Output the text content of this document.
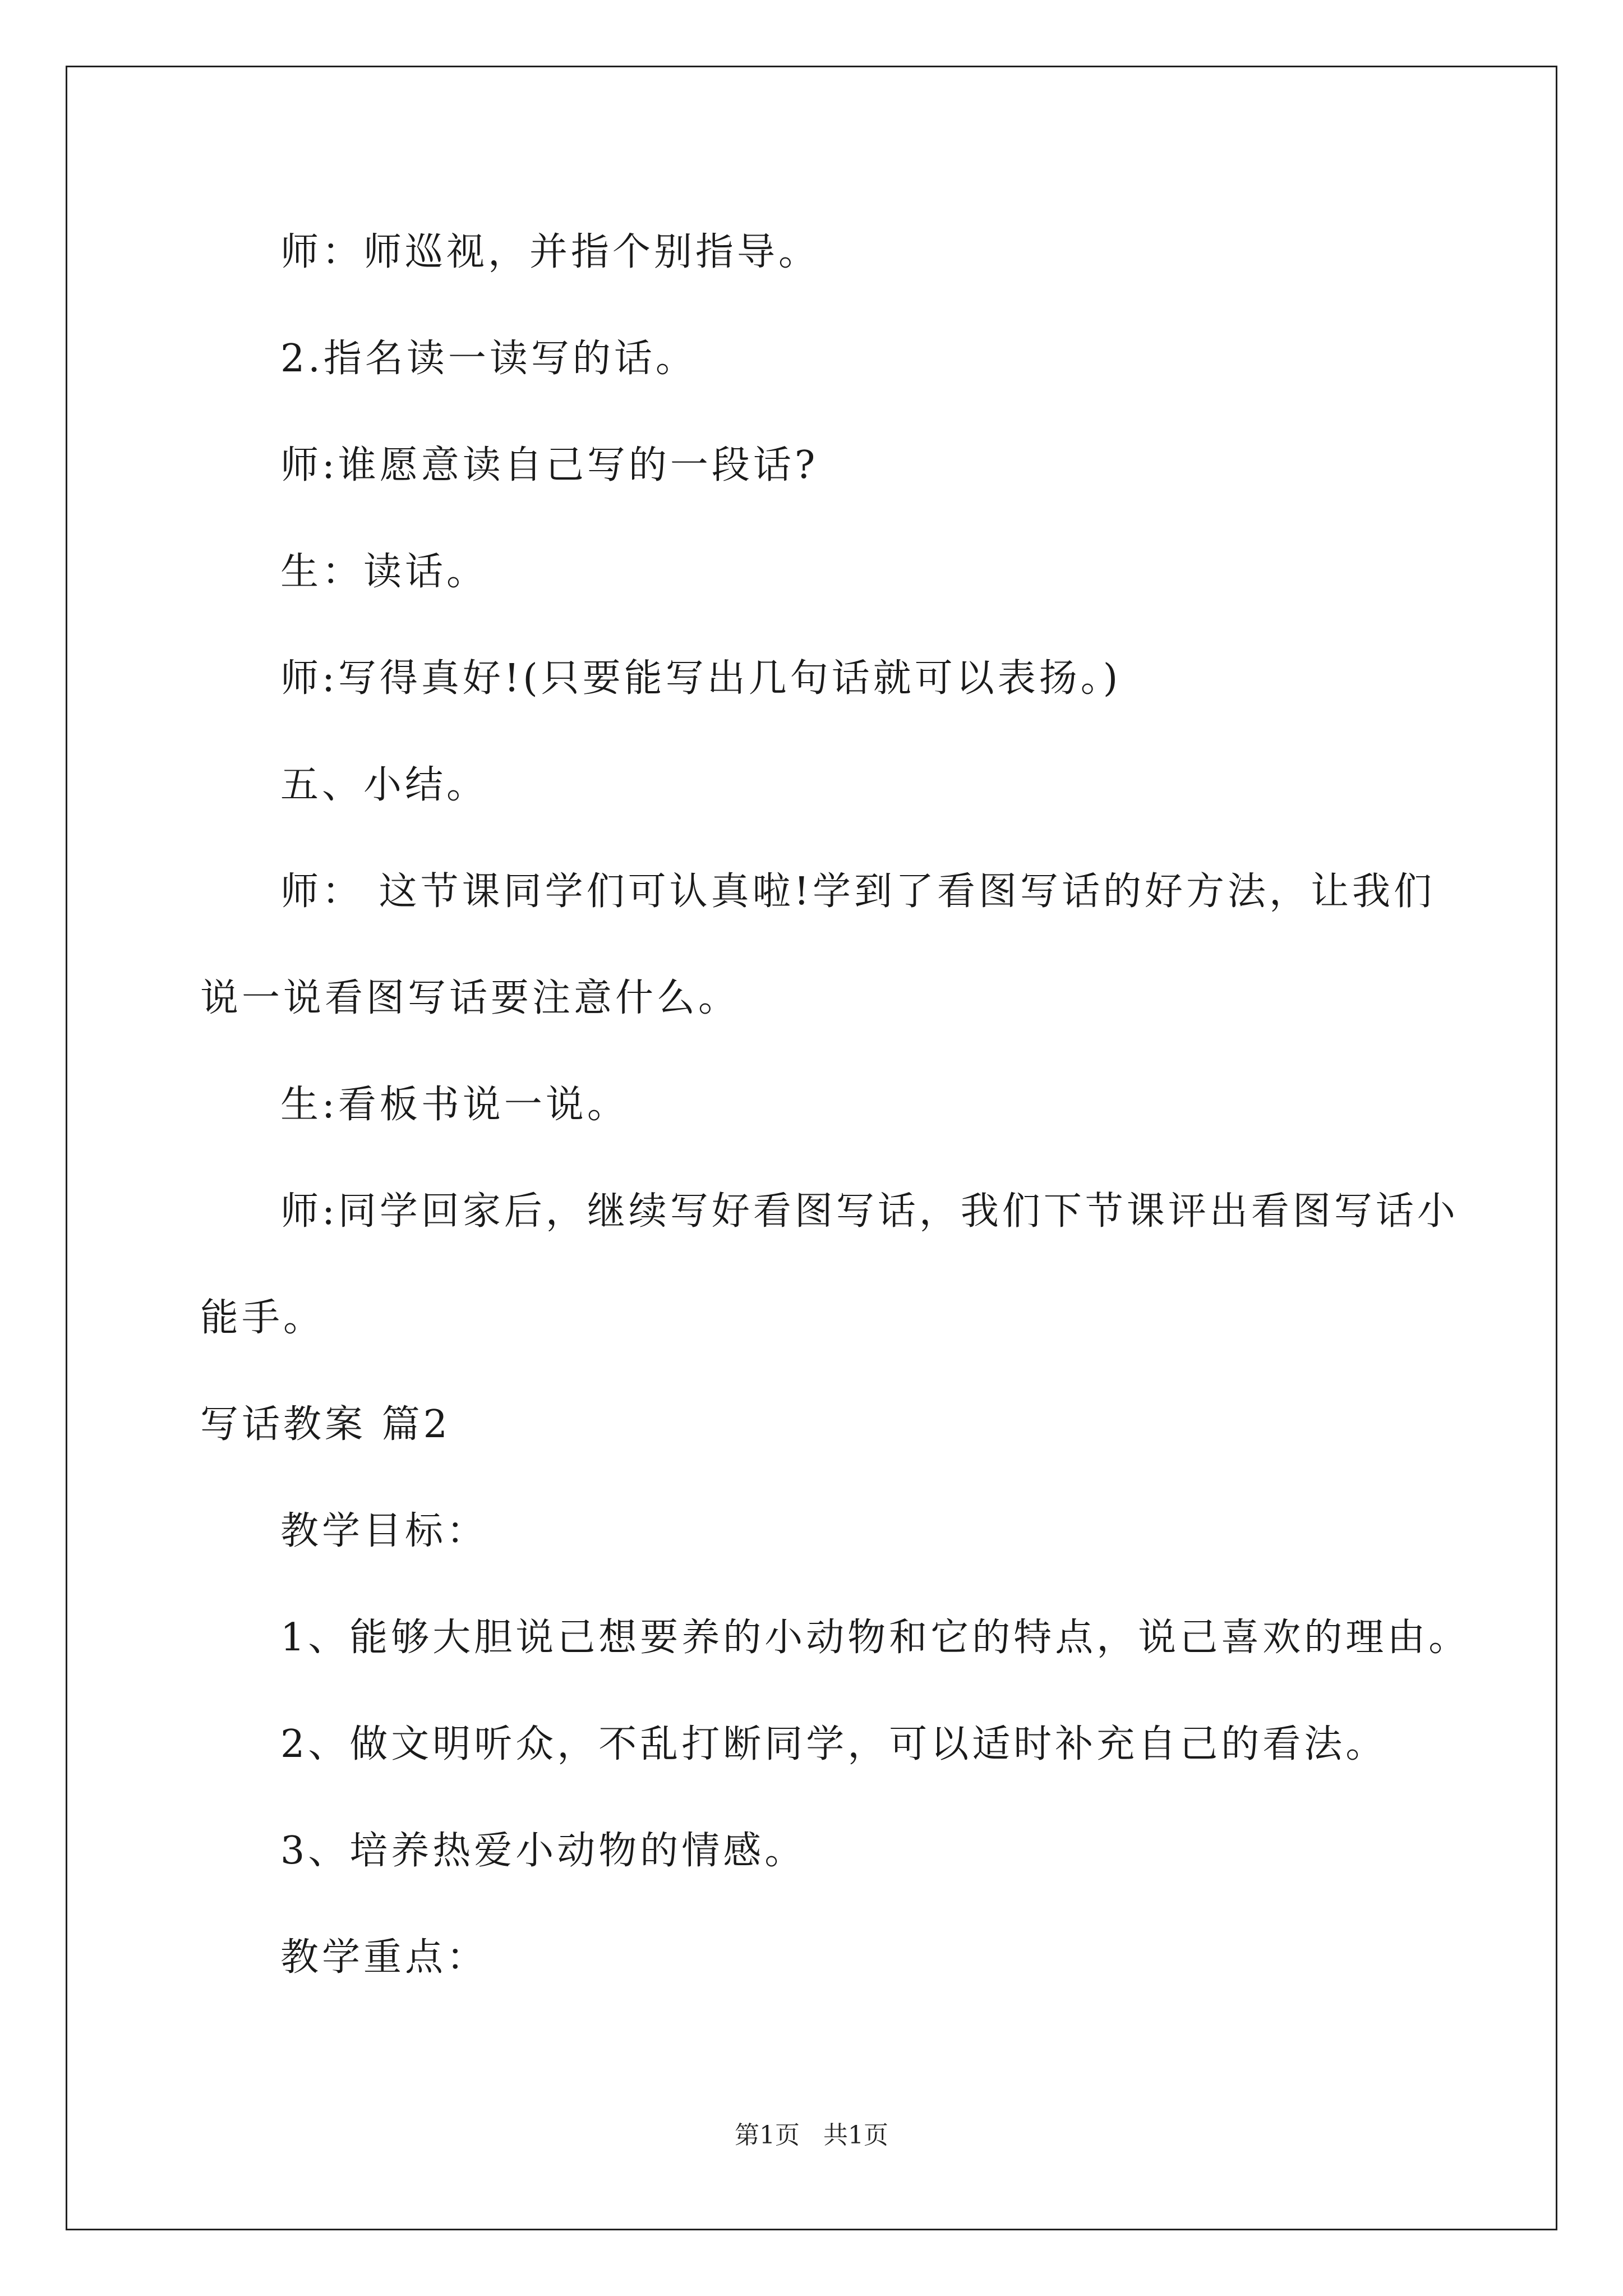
师：师巡视，并指个别指导。
2.指名读一读写的话。
师:谁愿意读自己写的一段话?
生：读话。
师:写得真好!(只要能写出几句话就可以表扬。)
五、小结。
师： 这节课同学们可认真啦!学到了看图写话的好方法，让我们
说一说看图写话要注意什么。
生:看板书说一说。
师:同学回家后，继续写好看图写话，我们下节课评出看图写话小
能手。
写话教案 篇2
教学目标：
1、能够大胆说己想要养的小动物和它的特点，说己喜欢的理由。
2、做文明听众，不乱打断同学，可以适时补充自己的看法。
3、培养热爱小动物的情感。
教学重点：
第1页   共1页
